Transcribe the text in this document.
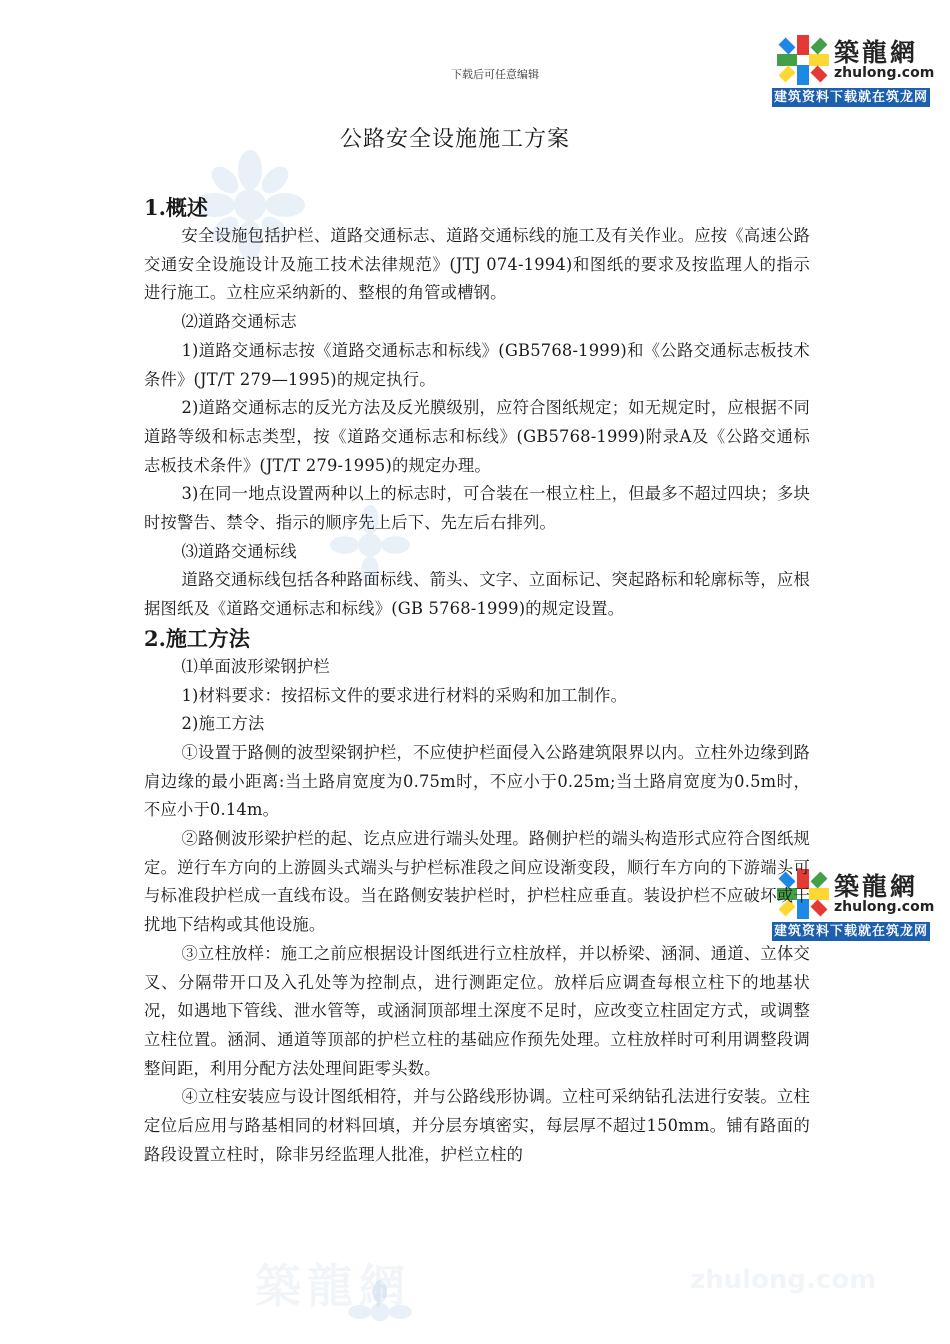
築龍網	zhulong.com
下载后可任意编辑
築龍網
zhulong.com
建筑资料下载就在筑龙网
築龍網
zhulong.com
建筑资料下载就在筑龙网
公路安全设施施工方案
1.概述

安全设施包括护栏、道路交通标志、道路交通标线的施工及有关作业。应按《高速公路交通安全设施设计及施工技术法律规范》(JTJ 074-1994)和图纸的要求及按监理人的指示进行施工。立柱应采纳新的、整根的角管或槽钢。

⑵道路交通标志

1)道路交通标志按《道路交通标志和标线》(GB5768-1999)和《公路交通标志板技术条件》(JT/T 279—1995)的规定执行。

2)道路交通标志的反光方法及反光膜级别，应符合图纸规定；如无规定时，应根据不同道路等级和标志类型，按《道路交通标志和标线》(GB5768-1999)附录A及《公路交通标志板技术条件》(JT/T 279-1995)的规定办理。

3)在同一地点设置两种以上的标志时，可合装在一根立柱上，但最多不超过四块；多块时按警告、禁令、指示的顺序先上后下、先左后右排列。

⑶道路交通标线

道路交通标线包括各种路面标线、箭头、文字、立面标记、突起路标和轮廓标等，应根据图纸及《道路交通标志和标线》(GB 5768-1999)的规定设置。

2.施工方法

⑴单面波形梁钢护栏

1)材料要求：按招标文件的要求进行材料的采购和加工制作。

2)施工方法

①设置于路侧的波型梁钢护栏，不应使护栏面侵入公路建筑限界以内。立柱外边缘到路肩边缘的最小距离:当土路肩宽度为0.75m时，不应小于0.25m;当土路肩宽度为0.5m时，不应小于0.14m。

②路侧波形梁护栏的起、讫点应进行端头处理。路侧护栏的端头构造形式应符合图纸规定。逆行车方向的上游圆头式端头与护栏标准段之间应设渐变段，顺行车方向的下游端头可与标准段护栏成一直线布设。当在路侧安装护栏时，护栏柱应垂直。装设护栏不应破坏或干扰地下结构或其他设施。

③立柱放样：施工之前应根据设计图纸进行立柱放样，并以桥梁、涵洞、通道、立体交叉、分隔带开口及入孔处等为控制点，进行测距定位。放样后应调查每根立柱下的地基状况，如遇地下管线、泄水管等，或涵洞顶部埋土深度不足时，应改变立柱固定方式，或调整立柱位置。涵洞、通道等顶部的护栏立柱的基础应作预先处理。立柱放样时可利用调整段调整间距，利用分配方法处理间距零头数。

④立柱安装应与设计图纸相符，并与公路线形协调。立柱可采纳钻孔法进行安装。立柱定位后应用与路基相同的材料回填，并分层夯填密实，每层厚不超过150mm。铺有路面的路段设置立柱时，除非另经监理人批准，护栏立柱的
